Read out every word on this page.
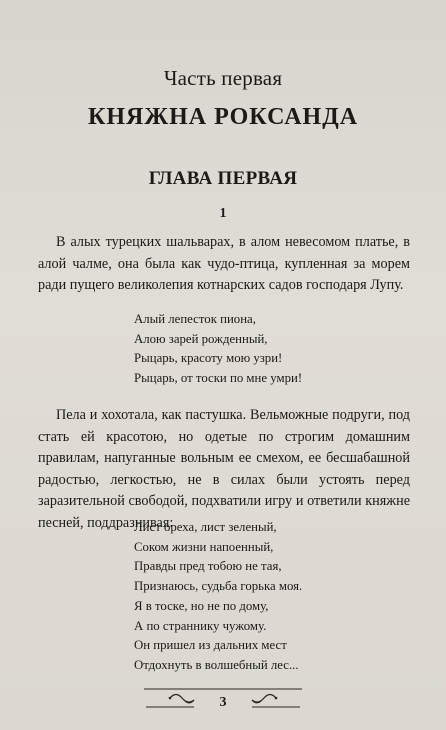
Часть первая
КНЯЖНА РОКСАНДА
ГЛАВА ПЕРВАЯ
1

В алых турецких шальварах, в алом невесомом платье, в алой чалме, она была как чудо-птица, купленная за морем ради пущего великолепия котнарских садов господаря Лупу.

Алый лепесток пиона,
Алою зарей рожденный,
Рыцарь, красоту мою узри!
Рыцарь, от тоски по мне умри!

Пела и хохотала, как пастушка. Вельможные подруги, под стать ей красотою, но одетые по строгим домашним правилам, напуганные вольным ее смехом, ее бесшабашной радостью, легкостью, не в силах были устоять перед заразительной свободой, подхватили игру и ответили княжне песней, поддразнивая:

Лист ореха, лист зеленый,
Соком жизни напоенный,
Правды пред тобою не тая,
Признаюсь, судьба горька моя.
Я в тоске, но не по дому,
А по страннику чужому.
Он пришел из дальних мест
Отдохнуть в волшебный лес...
3
